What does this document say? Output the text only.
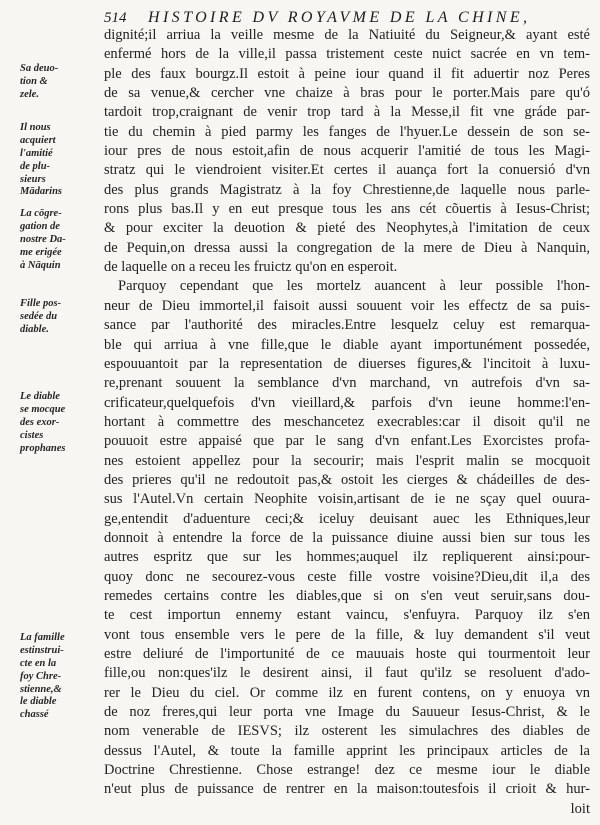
514 HISTOIRE DV ROYAVME DE LA CHINE,
dignité;il arriua la veille mesme de la Natiuité du Seigneur,& ayant esté
enfermé hors de la ville,il passa tristement ceste nuict sacrée en vn tem-
ple des faux bourgz.Il estoit à peine iour quand il fit aduertir noz Peres
de sa venue,& cercher vne chaize à bras pour le porter.Mais pare qu'ó
tardoit trop,craignant de venir trop tard à la Messe,il fit vne gráde par-
tie du chemin à pied parmy les fanges de l'hyuer.Le dessein de son se-
iour pres de nous estoit,afin de nous acquerir l'amitié de tous les Magi-
stratz qui le viendroient visiter.Et certes il auança fort la conuersió d'vn
des plus grands Magistratz à la foy Chrestienne,de laquelle nous parle-
rons plus bas.Il y en eut presque tous les ans cét cõuertis à Iesus-Christ;
& pour exciter la deuotion & pieté des Neophytes,à l'imitation de ceux
de Pequin,on dressa aussi la congregation de la mere de Dieu à Nanquin,
de laquelle on a receu les fruictz qu'on en esperoit.
Parquoy cependant que les mortelz auancent à leur possible l'hon-
neur de Dieu immortel,il faisoit aussi souuent voir les effectz de sa puis-
sance par l'authorité des miracles.Entre lesquelz celuy est remarqua-
ble qui arriua à vne fille,que le diable ayant importunément possedée,
espouuantoit par la representation de diuerses figures,& l'incitoit à luxu-
re,prenant souuent la semblance d'vn marchand, vn autrefois d'vn sa-
crificateur,quelquefois d'vn vieillard,& parfois d'vn ieune homme:l'en-
hortant à commettre des meschancetez execrables:car il disoit qu'il ne
pouuoit estre appaisé que par le sang d'vn enfant.Les Exorcistes profa-
nes estoient appellez pour la secourir; mais l'esprit malin se mocquoit
des prieres qu'il ne redoutoit pas,& ostoit les cierges & chádeilles de des-
sus l'Autel.Vn certain Neophite voisin,artisant de ie ne sçay quel ouura-
ge,entendit d'aduenture ceci;& iceluy deuisant auec les Ethniques,leur
donnoit à entendre la force de la puissance diuine aussi bien sur tous les
autres espritz que sur les hommes;auquel ilz repliquerent ainsi:pour-
quoy donc ne secourez-vous ceste fille vostre voisine?Dieu,dit il,a des
remedes certains contre les diables,que si on s'en veut seruir,sans dou-
te cest importun ennemy estant vaincu, s'enfuyra. Parquoy ilz s'en
vont tous ensemble vers le pere de la fille, & luy demandent s'il veut
estre deliuré de l'importunité de ce mauuais hoste qui tourmentoit leur
fille,ou non:ques'ilz le desirent ainsi, il faut qu'ilz se resoluent d'ado-
rer le Dieu du ciel. Or comme ilz en furent contens, on y enuoya vn
de noz freres,qui leur porta vne Image du Sauueur Iesus-Christ, & le
nom venerable de IESVS; ilz osterent les simulachres des diables de
dessus l'Autel, & toute la famille apprint les principaux articles de la
Doctrine Chrestienne. Chose estrange! dez ce mesme iour le diable
n'eut plus de puissance de rentrer en la maison:toutesfois il crioit & hur-
loit
Sa deuo-
tion &
zele.
Il nous
acquiert
l'amitié
de plu-
sieurs
Mādarins
La cōgre-
gation de
nostre Da-
me erigée
à Nāquin
Fille pos-
sedée du
diable.
Le diable
se mocque
des exor-
cistes
prophanes
La famille
estinstrui-
cte en la
foy Chre-
stienne,&
le diable
chassé
